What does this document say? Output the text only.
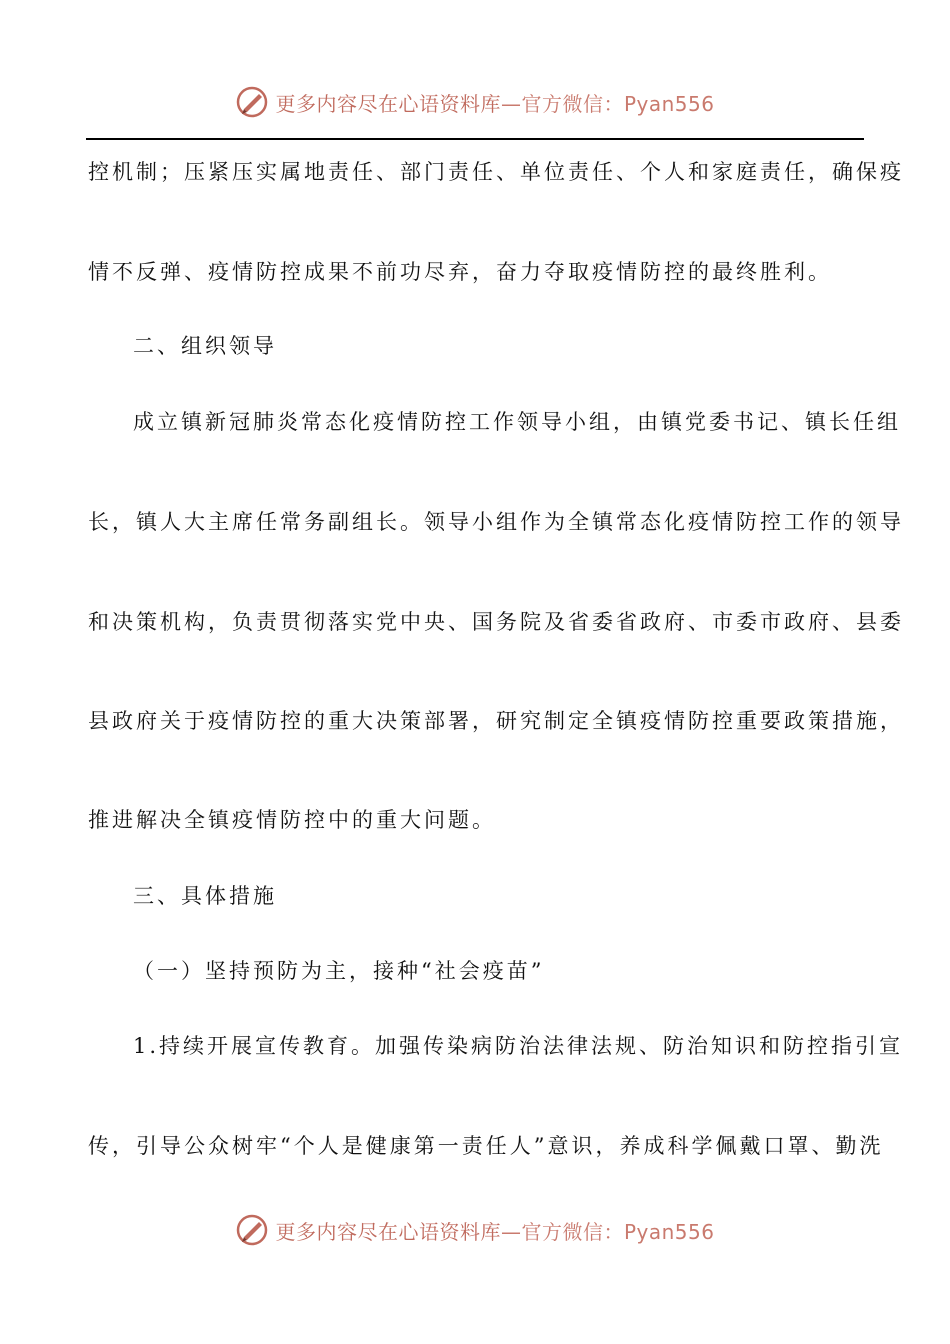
更多内容尽在心语资料库—官方微信：Pyan556
控机制；压紧压实属地责任、部门责任、单位责任、个人和家庭责任，确保疫
情不反弹、疫情防控成果不前功尽弃，奋力夺取疫情防控的最终胜利。
二、组织领导
成立镇新冠肺炎常态化疫情防控工作领导小组，由镇党委书记、镇长任组
长，镇人大主席任常务副组长。领导小组作为全镇常态化疫情防控工作的领导
和决策机构，负责贯彻落实党中央、国务院及省委省政府、市委市政府、县委
县政府关于疫情防控的重大决策部署，研究制定全镇疫情防控重要政策措施，
推进解决全镇疫情防控中的重大问题。
三、具体措施
（一）坚持预防为主，接种“社会疫苗”
1.持续开展宣传教育。加强传染病防治法律法规、防治知识和防控指引宣
传，引导公众树牢“个人是健康第一责任人”意识，养成科学佩戴口罩、勤洗
更多内容尽在心语资料库—官方微信：Pyan556
